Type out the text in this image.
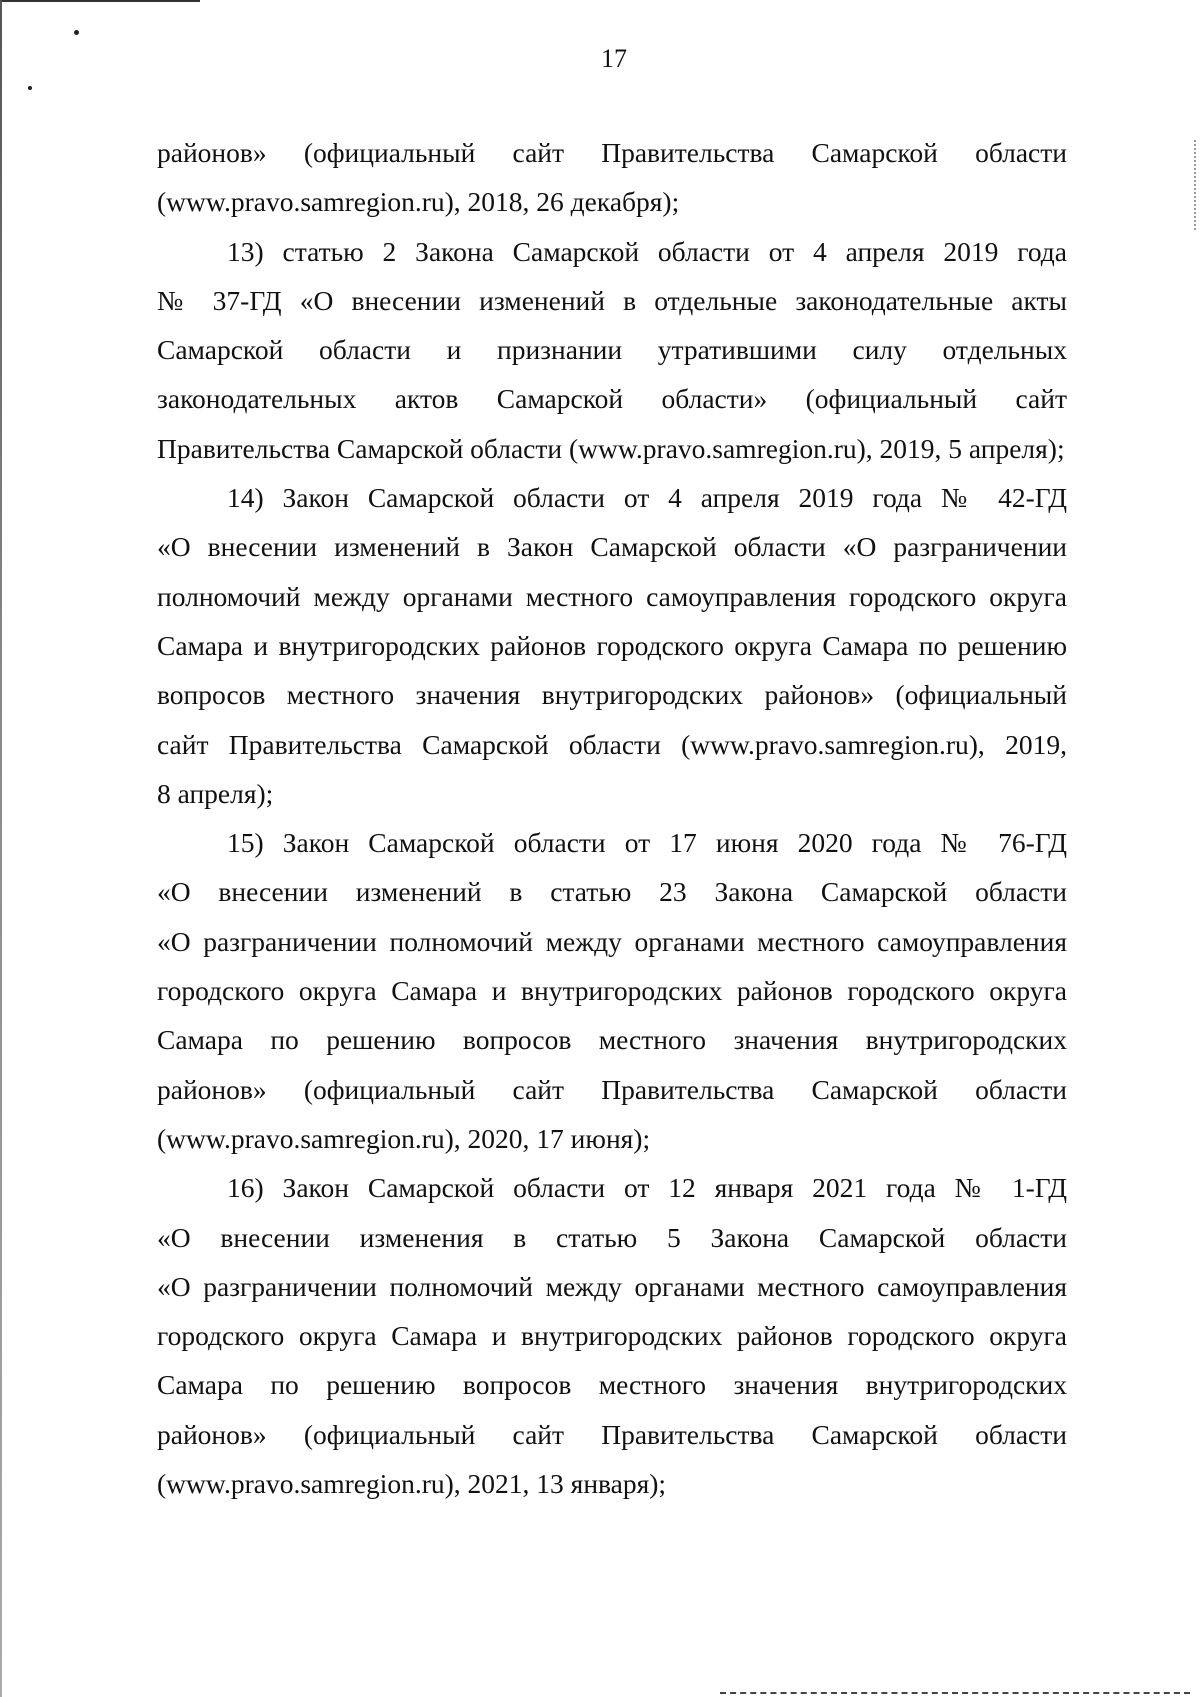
17
районов» (официальный сайт Правительства Самарской области
(www.pravo.samregion.ru), 2018, 26 декабря);
13) статью 2 Закона Самарской области от 4 апреля 2019 года
№ 37-ГД «О внесении изменений в отдельные законодательные акты
Самарской области и признании утратившими силу отдельных
законодательных актов Самарской области» (официальный сайт
Правительства Самарской области (www.pravo.samregion.ru), 2019, 5 апреля);
14) Закон Самарской области от 4 апреля 2019 года № 42-ГД
«О внесении изменений в Закон Самарской области «О разграничении
полномочий между органами местного самоуправления городского округа
Самара и внутригородских районов городского округа Самара по решению
вопросов местного значения внутригородских районов» (официальный
сайт Правительства Самарской области (www.pravo.samregion.ru), 2019,
8 апреля);
15) Закон Самарской области от 17 июня 2020 года № 76-ГД
«О внесении изменений в статью 23 Закона Самарской области
«О разграничении полномочий между органами местного самоуправления
городского округа Самара и внутригородских районов городского округа
Самара по решению вопросов местного значения внутригородских
районов» (официальный сайт Правительства Самарской области
(www.pravo.samregion.ru), 2020, 17 июня);
16) Закон Самарской области от 12 января 2021 года № 1-ГД
«О внесении изменения в статью 5 Закона Самарской области
«О разграничении полномочий между органами местного самоуправления
городского округа Самара и внутригородских районов городского округа
Самара по решению вопросов местного значения внутригородских
районов» (официальный сайт Правительства Самарской области
(www.pravo.samregion.ru), 2021, 13 января);
